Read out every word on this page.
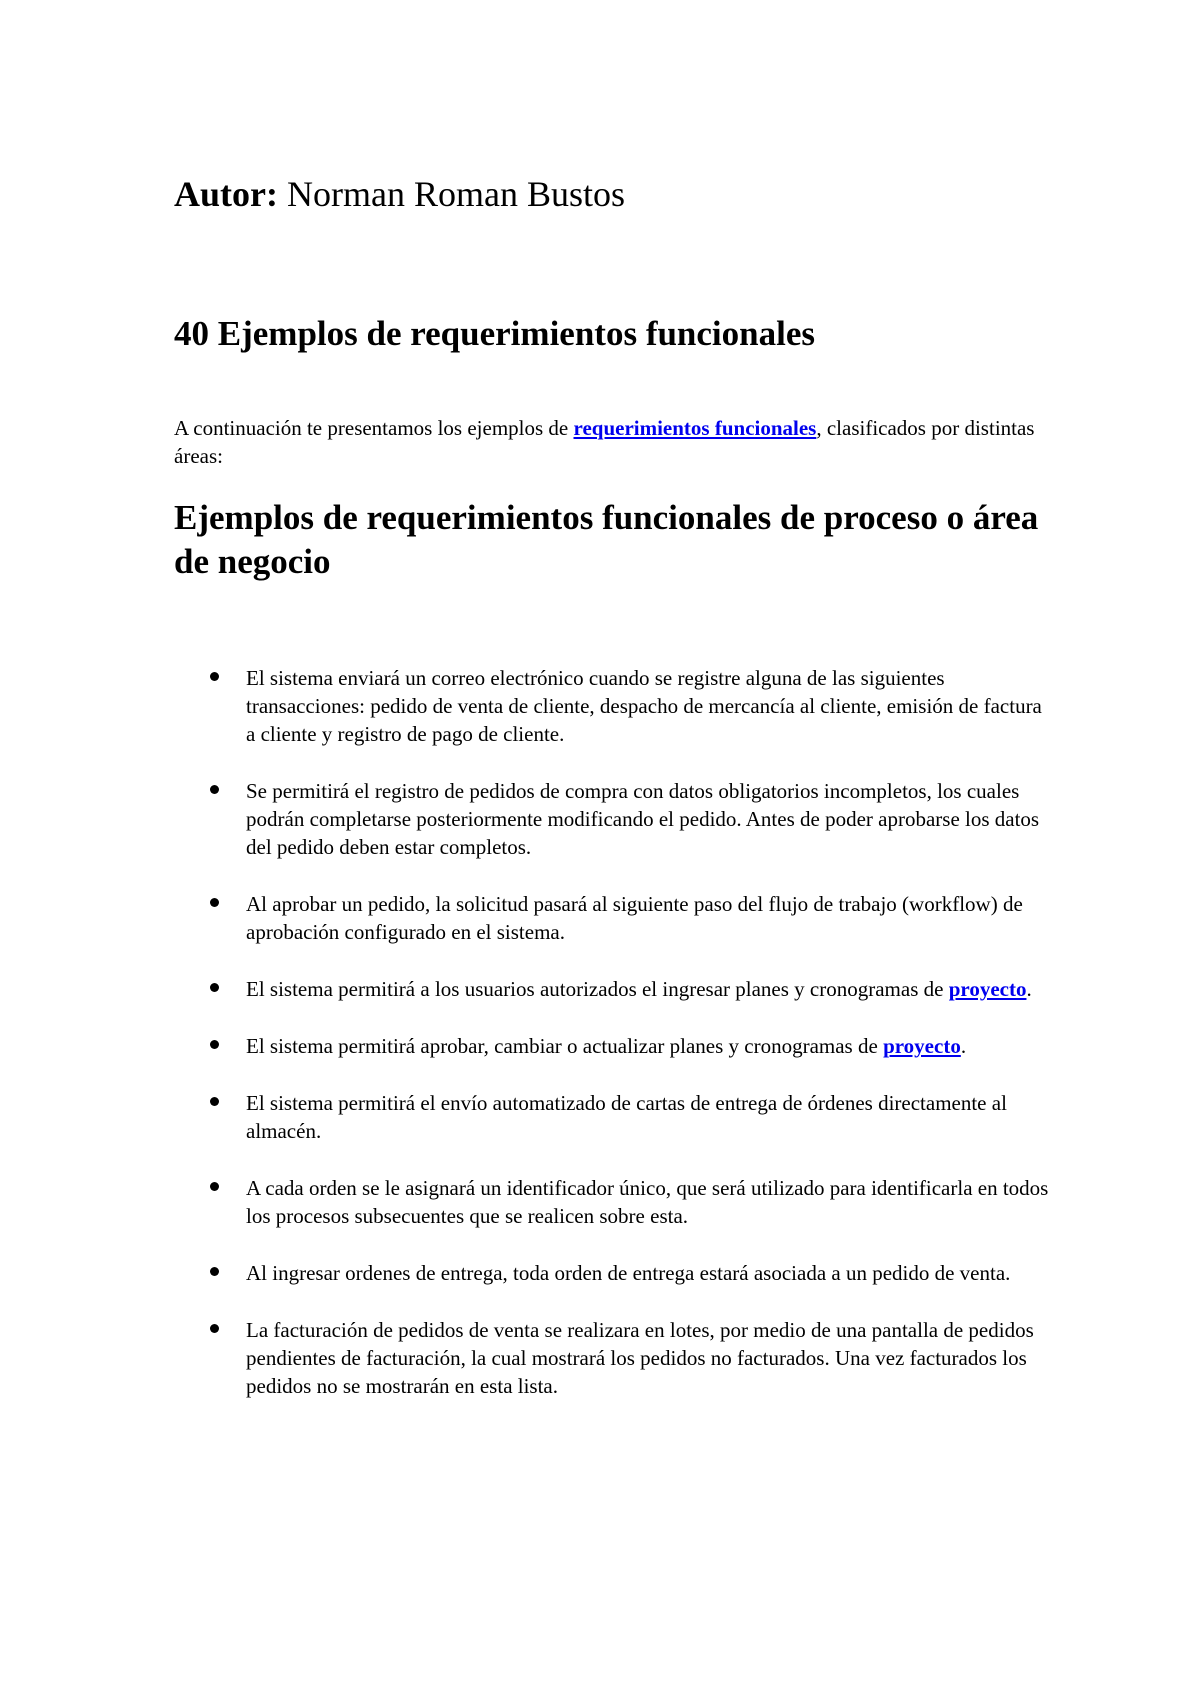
Autor: Norman Roman Bustos

40 Ejemplos de requerimientos funcionales

A continuación te presentamos los ejemplos de requerimientos funcionales, clasificados por distintas áreas:

Ejemplos de requerimientos funcionales de proceso o área de negocio
El sistema enviará un correo electrónico cuando se registre alguna de las siguientes transacciones: pedido de venta de cliente, despacho de mercancía al cliente, emisión de factura a cliente y registro de pago de cliente.
Se permitirá el registro de pedidos de compra con datos obligatorios incompletos, los cuales podrán completarse posteriormente modificando el pedido. Antes de poder aprobarse los datos del pedido deben estar completos.
Al aprobar un pedido, la solicitud pasará al siguiente paso del flujo de trabajo (workflow) de aprobación configurado en el sistema.
El sistema permitirá a los usuarios autorizados el ingresar planes y cronogramas de proyecto.
El sistema permitirá aprobar, cambiar o actualizar planes y cronogramas de proyecto.
El sistema permitirá el envío automatizado de cartas de entrega de órdenes directamente al almacén.
A cada orden se le asignará un identificador único, que será utilizado para identificarla en todos los procesos subsecuentes que se realicen sobre esta.
Al ingresar ordenes de entrega, toda orden de entrega estará asociada a un pedido de venta.
La facturación de pedidos de venta se realizara en lotes, por medio de una pantalla de pedidos pendientes de facturación, la cual mostrará los pedidos no facturados. Una vez facturados los pedidos no se mostrarán en esta lista.
